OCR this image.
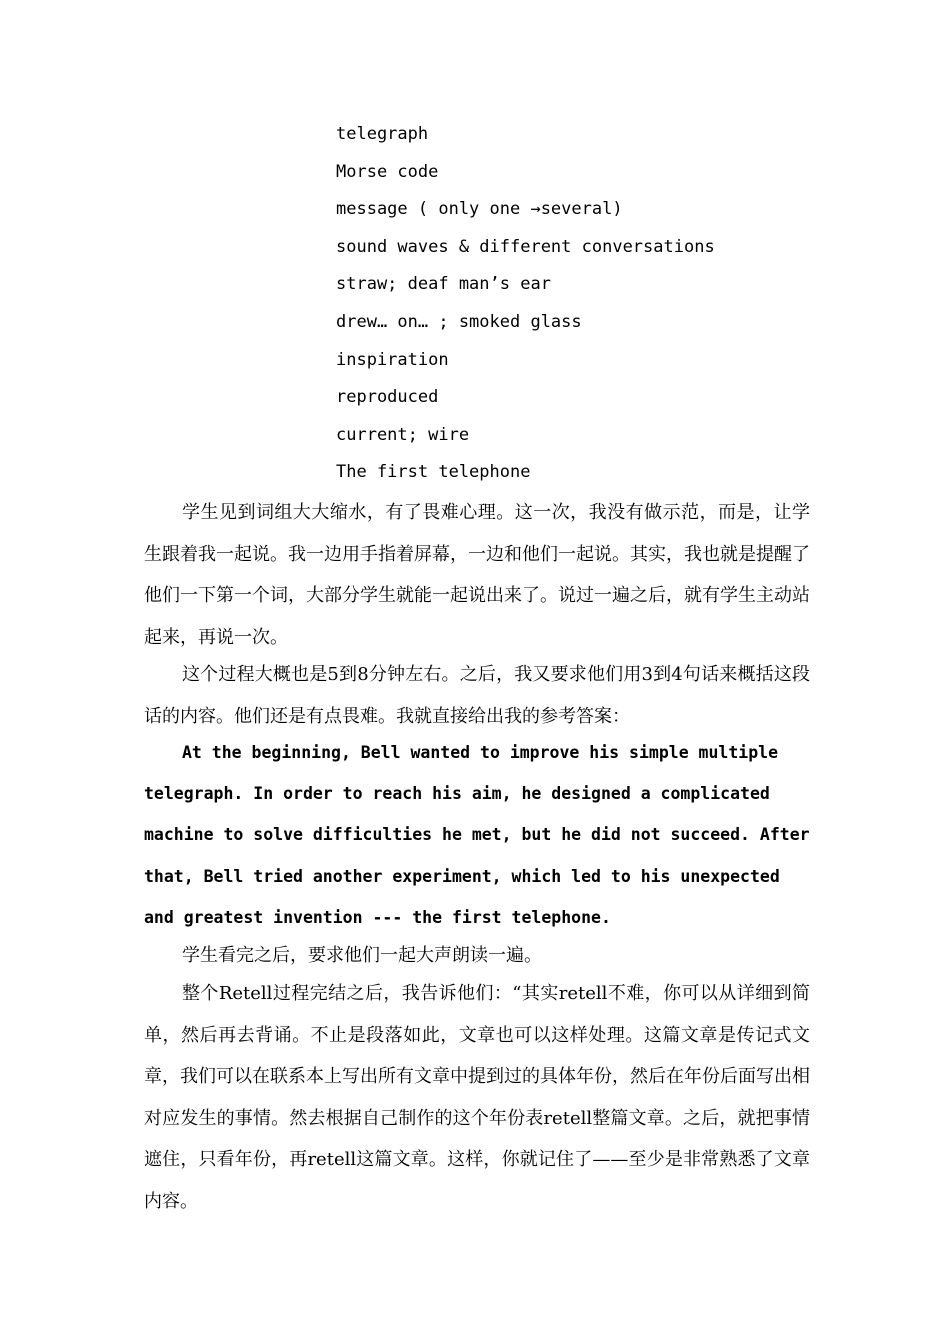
telegraph
Morse code
message ( only one →several)
sound waves & different conversations
straw; deaf man’s ear
drew… on… ; smoked glass
inspiration
reproduced
current; wire
The first telephone

学生见到词组大大缩水，有了畏难心理。这一次，我没有做示范，而是，让学生跟着我一起说。我一边用手指着屏幕，一边和他们一起说。其实，我也就是提醒了他们一下第一个词，大部分学生就能一起说出来了。说过一遍之后，就有学生主动站起来，再说一次。

这个过程大概也是5到8分钟左右。之后，我又要求他们用3到4句话来概括这段话的内容。他们还是有点畏难。我就直接给出我的参考答案：

At the beginning, Bell wanted to improve his simple multiple telegraph. In order to reach his aim, he designed a complicated machine to solve difficulties he met, but he did not succeed. After that, Bell tried another experiment, which led to his unexpected and greatest invention --- the first telephone.

学生看完之后，要求他们一起大声朗读一遍。

整个Retell过程完结之后，我告诉他们：“其实retell不难，你可以从详细到简单，然后再去背诵。不止是段落如此，文章也可以这样处理。这篇文章是传记式文章，我们可以在联系本上写出所有文章中提到过的具体年份，然后在年份后面写出相对应发生的事情。然去根据自己制作的这个年份表retell整篇文章。之后，就把事情遮住，只看年份，再retell这篇文章。这样，你就记住了——至少是非常熟悉了文章内容。
